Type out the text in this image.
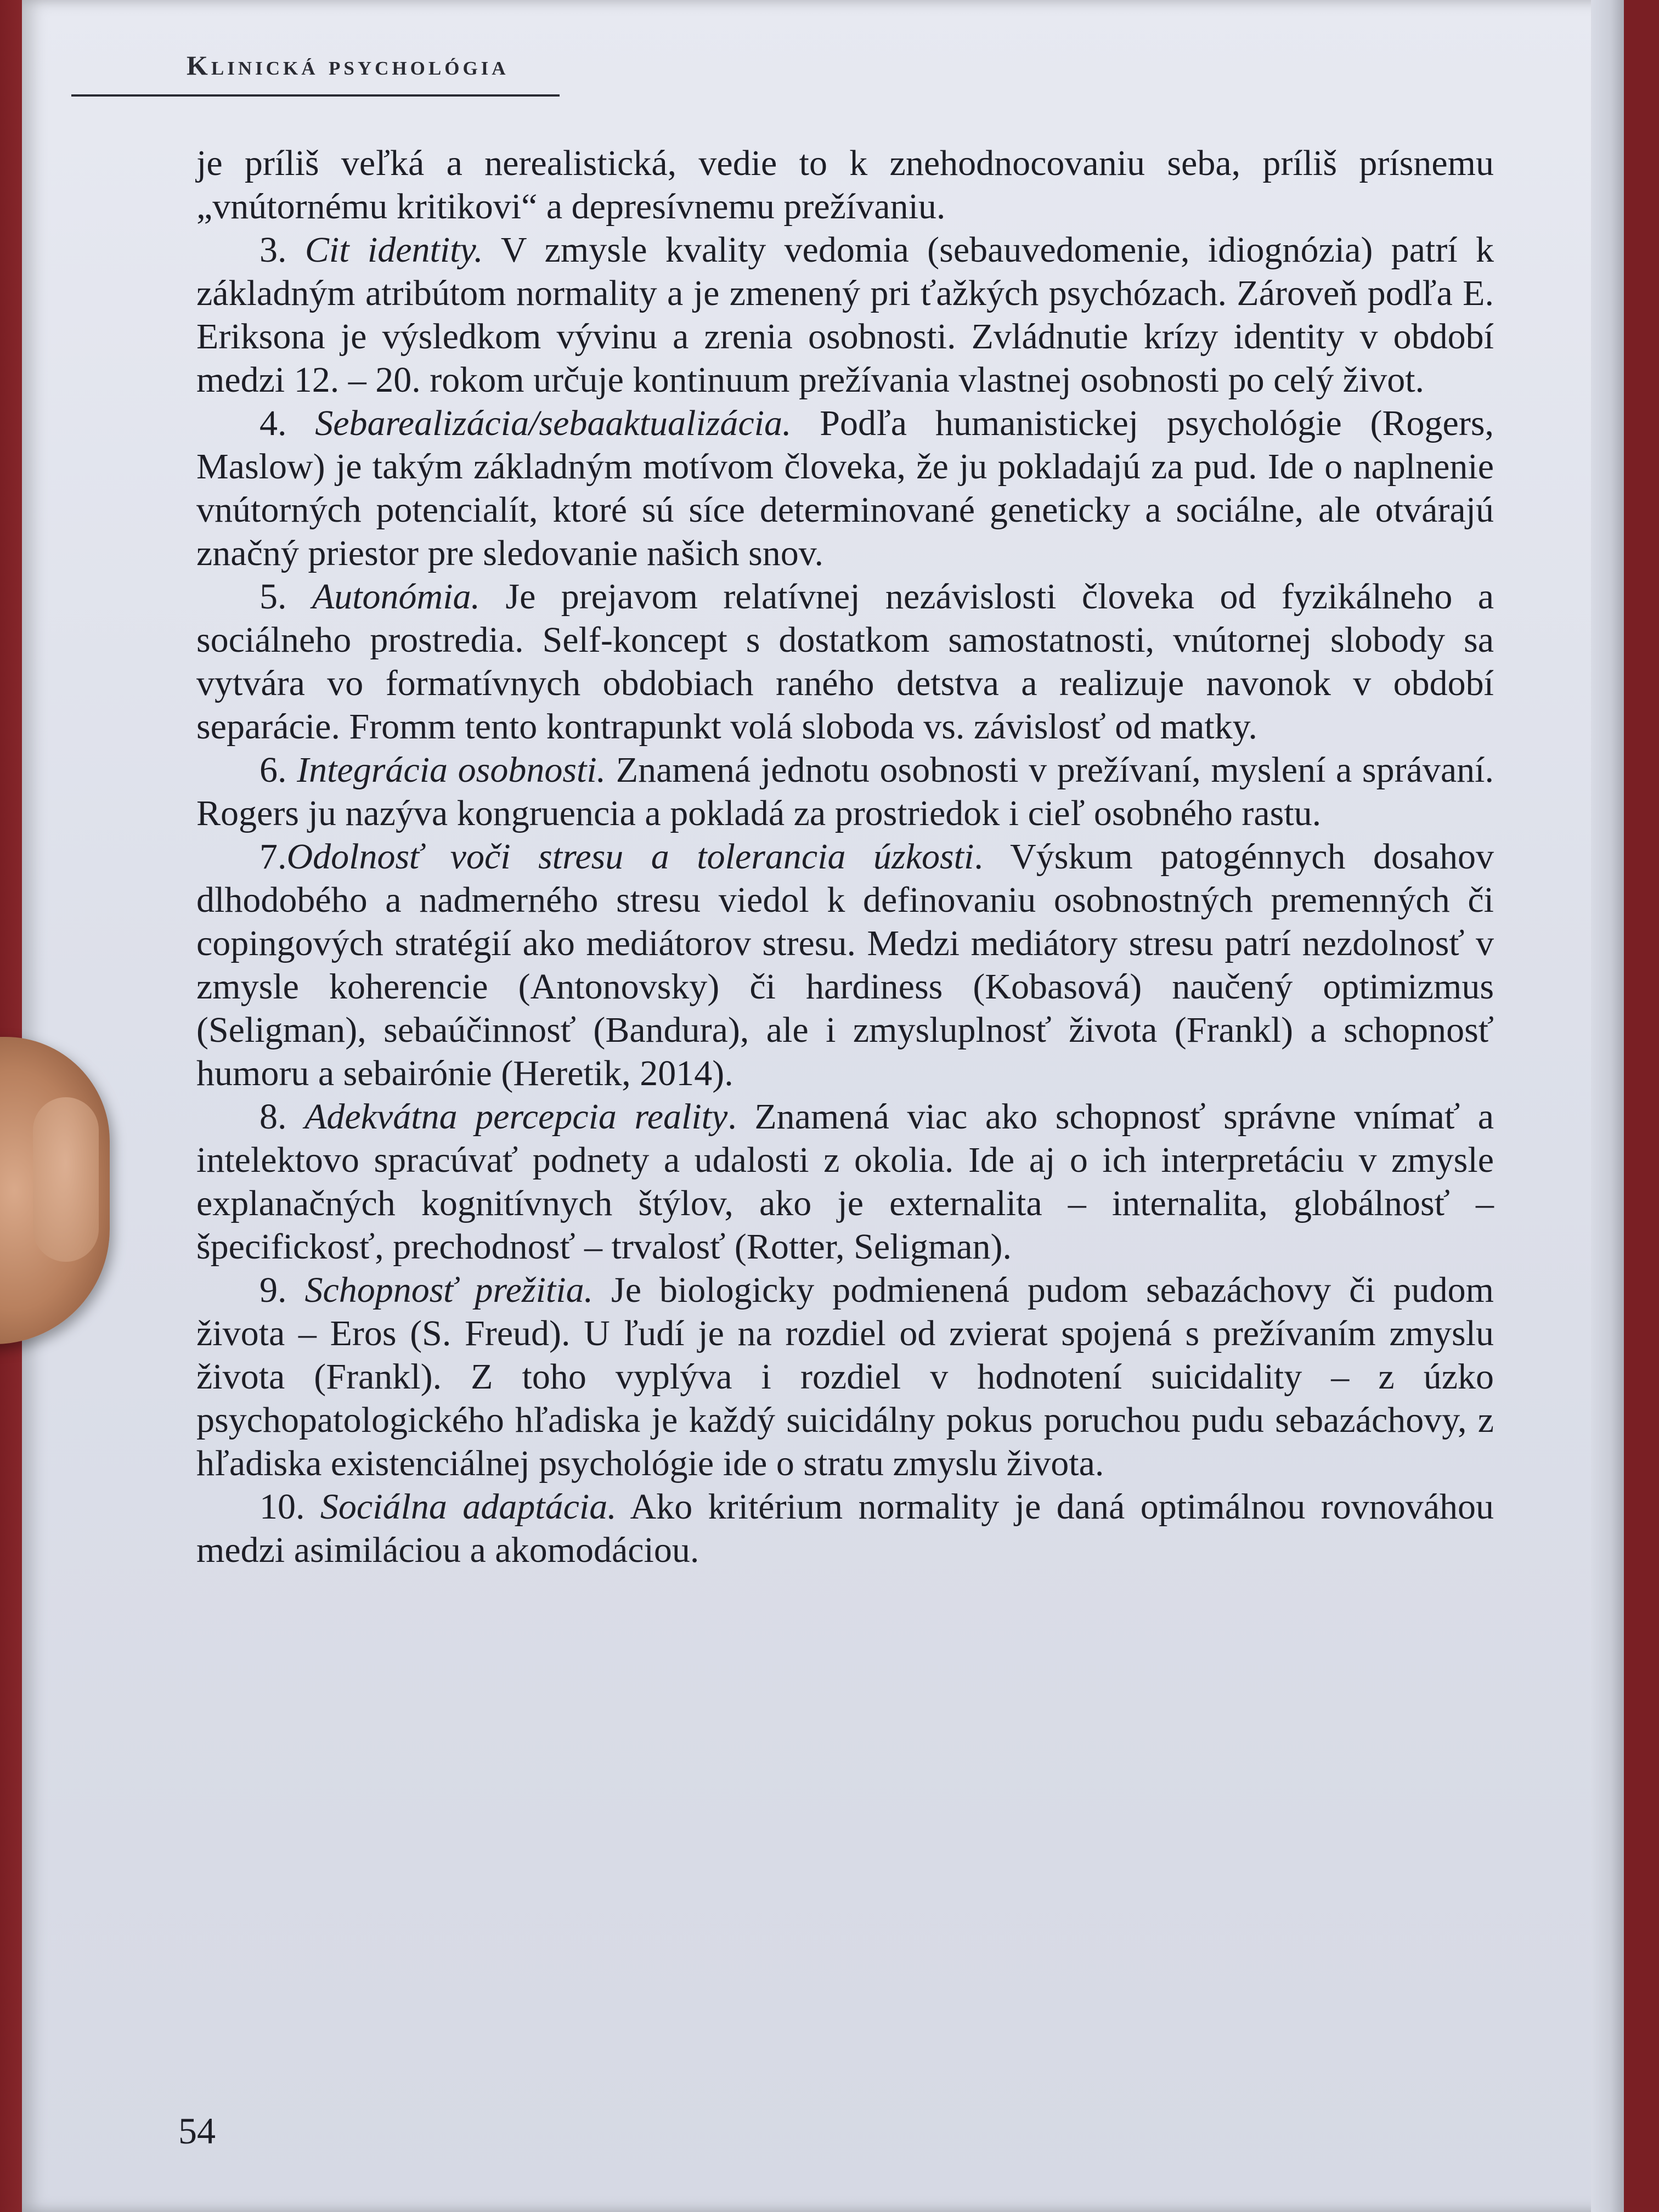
Klinická psychológia

je príliš veľká a nerealistická, vedie to k znehodnocovaniu seba, príliš prísnemu „vnútornému kritikovi“ a depresívnemu prežívaniu.

3. Cit identity. V zmysle kvality vedomia (sebauvedomenie, idiognózia) patrí k základným atribútom normality a je zmenený pri ťažkých psychózach. Zároveň podľa E. Eriksona je výsledkom vývinu a zrenia osobnosti. Zvládnutie krízy identity v období medzi 12. – 20. rokom určuje kontinuum prežívania vlastnej osobnosti po celý život.

4. Sebarealizácia/sebaaktualizácia. Podľa humanistickej psychológie (Rogers, Maslow) je takým základným motívom človeka, že ju pokladajú za pud. Ide o naplnenie vnútorných potencialít, ktoré sú síce determinované geneticky a sociálne, ale otvárajú značný priestor pre sledovanie našich snov.

5. Autonómia. Je prejavom relatívnej nezávislosti človeka od fyzikálneho a sociálneho prostredia. Self-koncept s dostatkom samostatnosti, vnútornej slobody sa vytvára vo formatívnych obdobiach raného detstva a realizuje navonok v období separácie. Fromm tento kontrapunkt volá sloboda vs. závislosť od matky.

6. Integrácia osobnosti. Znamená jednotu osobnosti v prežívaní, myslení a správaní. Rogers ju nazýva kongruencia a pokladá za prostriedok i cieľ osobného rastu.

7.Odolnosť voči stresu a tolerancia úzkosti. Výskum patogénnych dosahov dlhodobého a nadmerného stresu viedol k definovaniu osobnostných premenných či copingových stratégií ako mediátorov stresu. Medzi mediátory stresu patrí nezdolnosť v zmysle koherencie (Antonovsky) či hardiness (Kobasová) naučený optimizmus (Seligman), sebaúčinnosť (Bandura), ale i zmysluplnosť života (Frankl) a schopnosť humoru a sebairónie (Heretik, 2014).

8. Adekvátna percepcia reality. Znamená viac ako schopnosť správne vnímať a intelektovo spracúvať podnety a udalosti z okolia. Ide aj o ich interpretáciu v zmysle explanačných kognitívnych štýlov, ako je externalita – internalita, globálnosť – špecifickosť, prechodnosť – trvalosť (Rotter, Seligman).

9. Schopnosť prežitia. Je biologicky podmienená pudom sebazáchovy či pudom života – Eros (S. Freud). U ľudí je na rozdiel od zvierat spojená s prežívaním zmyslu života (Frankl). Z toho vyplýva i rozdiel v hodnotení suicidality – z úzko psychopatologického hľadiska je každý suicidálny pokus poruchou pudu sebazáchovy, z hľadiska existenciálnej psychológie ide o stratu zmyslu života.

10. Sociálna adaptácia. Ako kritérium normality je daná optimálnou rovnováhou medzi asimiláciou a akomodáciou.

54
